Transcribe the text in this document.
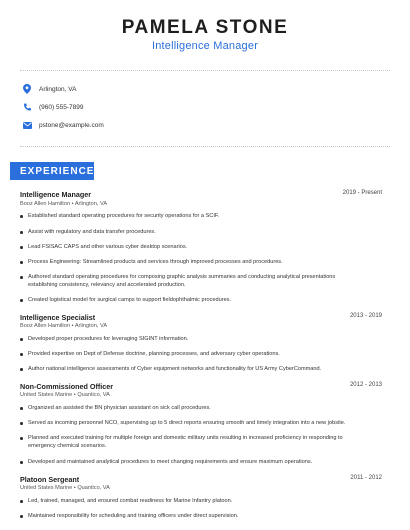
PAMELA STONE
Intelligence Manager
Arlington, VA
(960) 555-7899
pstone@example.com
EXPERIENCE
Intelligence Manager	2019 - Present
Booz Allen Hamilton • Arlington, VA
Established standard operating procedures for security operations for a SCIF.
Assist with regulatory and data transfer procedures.
Lead FSISAC CAPS and other various cyber desktop scenarios.
Process Engineering: Streamlined products and services through improved processes and procedures.
Authored standard operating procedures for composing graphic analysis summaries and conducting analytical presentations establishing consistency, relevancy and accelerated production.
Created logistical model for surgical camps to support fieldophthalmic procedures.
Intelligence Specialist	2013 - 2019
Booz Allen Hamilton • Arlington, VA
Developed proper procedures for leveraging SIGINT information.
Provided expertise on Dept of Defense doctrine, planning processes, and adversary cyber operations.
Author national intelligence assessments of Cyber equipment networks and functionality for US Army CyberCommand.
Non-Commissioned Officer	2012 - 2013
United States Marine • Quantico, VA
Organized an assisted the BN physician assistant on sick call procedures.
Served as incoming personnel NCO, supervising up to 5 direct reports ensuring smooth and timely integration into a new jobsite.
Planned and executed training for multiple foreign and domestic military units resulting in increased proficiency in responding to emergency chemical scenarios.
Developed and maintained analytical procedures to meet changing requirements and ensure maximum operations.
Platoon Sergeant	2011 - 2012
United States Marine • Quantico, VA
Led, trained, managed, and ensured combat readiness for Marine Infantry platoon.
Maintained responsibility for scheduling and training officers under direct supervision.
